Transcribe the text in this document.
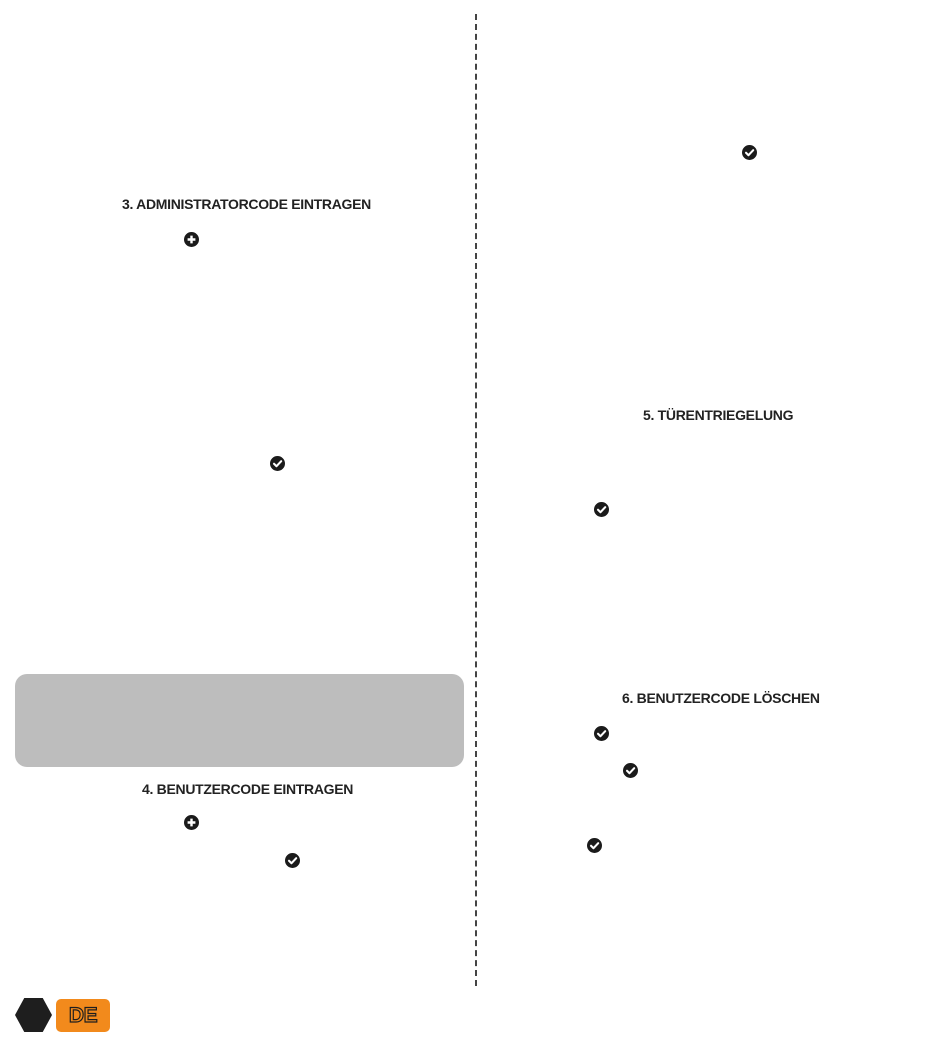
3. ADMINISTRATORCODE EINTRAGEN
4. BENUTZERCODE EINTRAGEN
5. TÜRENTRIEGELUNG
6. BENUTZERCODE LÖSCHEN
DE
